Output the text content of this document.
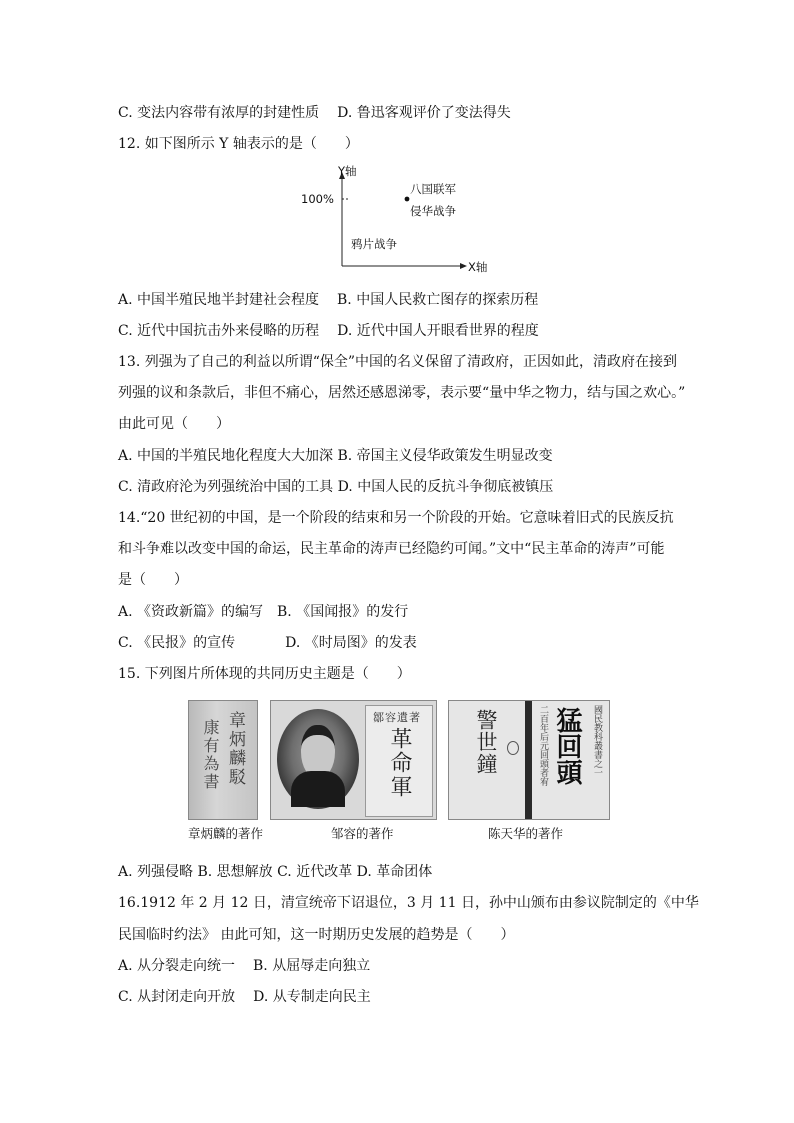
C. 变法内容带有浓厚的封建性质 D. 鲁迅客观评价了变法得失
12. 如下图所示 Y 轴表示的是（　　）
Y轴
X轴
100%
八国联军
侵华战争
鸦片战争
A. 中国半殖民地半封建社会程度 B. 中国人民救亡图存的探索历程
C. 近代中国抗击外来侵略的历程 D. 近代中国人开眼看世界的程度
13. 列强为了自己的利益以所谓“保全”中国的名义保留了清政府，正因如此，清政府在接到
列强的议和条款后，非但不痛心，居然还感恩涕零，表示要“量中华之物力，结与国之欢心。”
由此可见（　　）
A. 中国的半殖民地化程度大大加深 B. 帝国主义侵华政策发生明显改变
C. 清政府沦为列强统治中国的工具 D. 中国人民的反抗斗争彻底被镇压
14.“20 世纪初的中国，是一个阶段的结束和另一个阶段的开始。它意味着旧式的民族反抗
和斗争难以改变中国的命运，民主革命的涛声已经隐约可闻。”文中“民主革命的涛声”可能
是（　　）
A. 《资政新篇》的编写 B. 《国闻报》的发行
C. 《民报》的宣传	D. 《时局图》的发表
15. 下列图片所体现的共同历史主题是（　　）
章炳麟駁
康有為書
鄒容遺著
革命軍	警世鐘	二百年后元回頭者宥 猛回頭	國民教科叢書之一
章炳麟的著作	邹容的著作	陈天华的著作
A. 列强侵略 B. 思想解放 C. 近代改革 D. 革命团体
16.1912 年 2 月 12 日，清宣统帝下诏退位，3 月 11 日，孙中山颁布由参议院制定的《中华
民国临时约法》 由此可知，这一时期历史发展的趋势是（　　）
A. 从分裂走向统一 B. 从屈辱走向独立
C. 从封闭走向开放 D. 从专制走向民主
